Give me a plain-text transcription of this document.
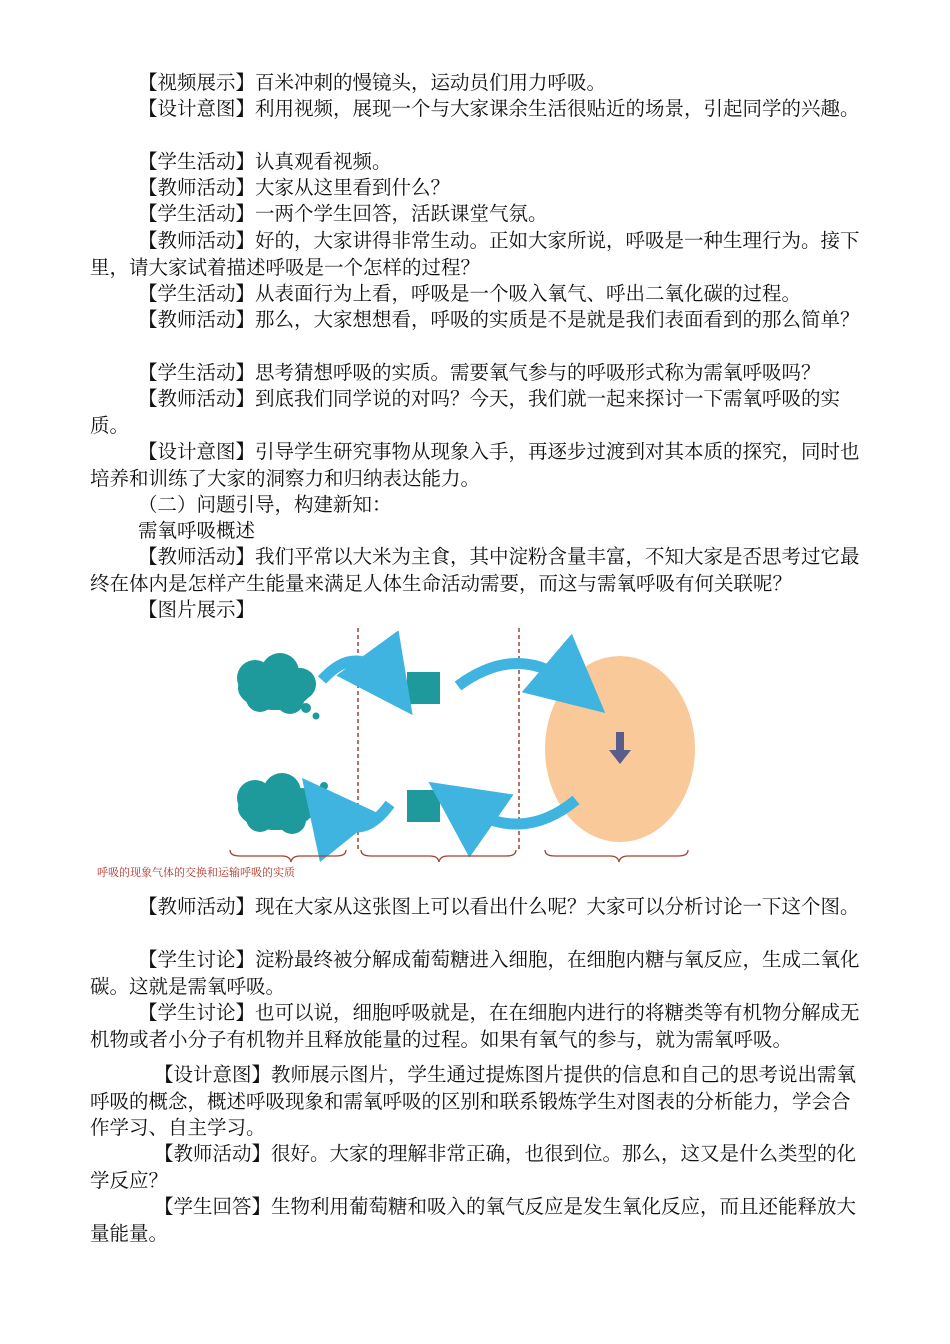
【视频展示】百米冲刺的慢镜头，运动员们用力呼吸。

【设计意图】利用视频，展现一个与大家课余生活很贴近的场景，引起同学的兴趣。

【学生活动】认真观看视频。

【教师活动】大家从这里看到什么？

【学生活动】一两个学生回答，活跃课堂气氛。

【教师活动】好的，大家讲得非常生动。正如大家所说，呼吸是一种生理行为。接下里，请大家试着描述呼吸是一个怎样的过程？

【学生活动】从表面行为上看，呼吸是一个吸入氧气、呼出二氧化碳的过程。

【教师活动】那么，大家想想看，呼吸的实质是不是就是我们表面看到的那么简单？

【学生活动】思考猜想呼吸的实质。需要氧气参与的呼吸形式称为需氧呼吸吗？

【教师活动】到底我们同学说的对吗？今天，我们就一起来探讨一下需氧呼吸的实质。

【设计意图】引导学生研究事物从现象入手，再逐步过渡到对其本质的探究，同时也培养和训练了大家的洞察力和归纳表达能力。

（二）问题引导，构建新知：

需氧呼吸概述

【教师活动】我们平常以大米为主食，其中淀粉含量丰富，不知大家是否思考过它最终在体内是怎样产生能量来满足人体生命活动需要，而这与需氧呼吸有何关联呢？

【图片展示】

呼吸的现象气体的交换和运输呼吸的实质

【教师活动】现在大家从这张图上可以看出什么呢？大家可以分析讨论一下这个图。

【学生讨论】淀粉最终被分解成葡萄糖进入细胞，在细胞内糖与氧反应，生成二氧化碳。这就是需氧呼吸。

【学生讨论】也可以说，细胞呼吸就是，在在细胞内进行的将糖类等有机物分解成无机物或者小分子有机物并且释放能量的过程。如果有氧气的参与，就为需氧呼吸。

【设计意图】教师展示图片，学生通过提炼图片提供的信息和自己的思考说出需氧呼吸的概念，概述呼吸现象和需氧呼吸的区别和联系锻炼学生对图表的分析能力，学会合作学习、自主学习。

【教师活动】很好。大家的理解非常正确，也很到位。那么，这又是什么类型的化学反应？

【学生回答】生物利用葡萄糖和吸入的氧气反应是发生氧化反应，而且还能释放大量能量。
